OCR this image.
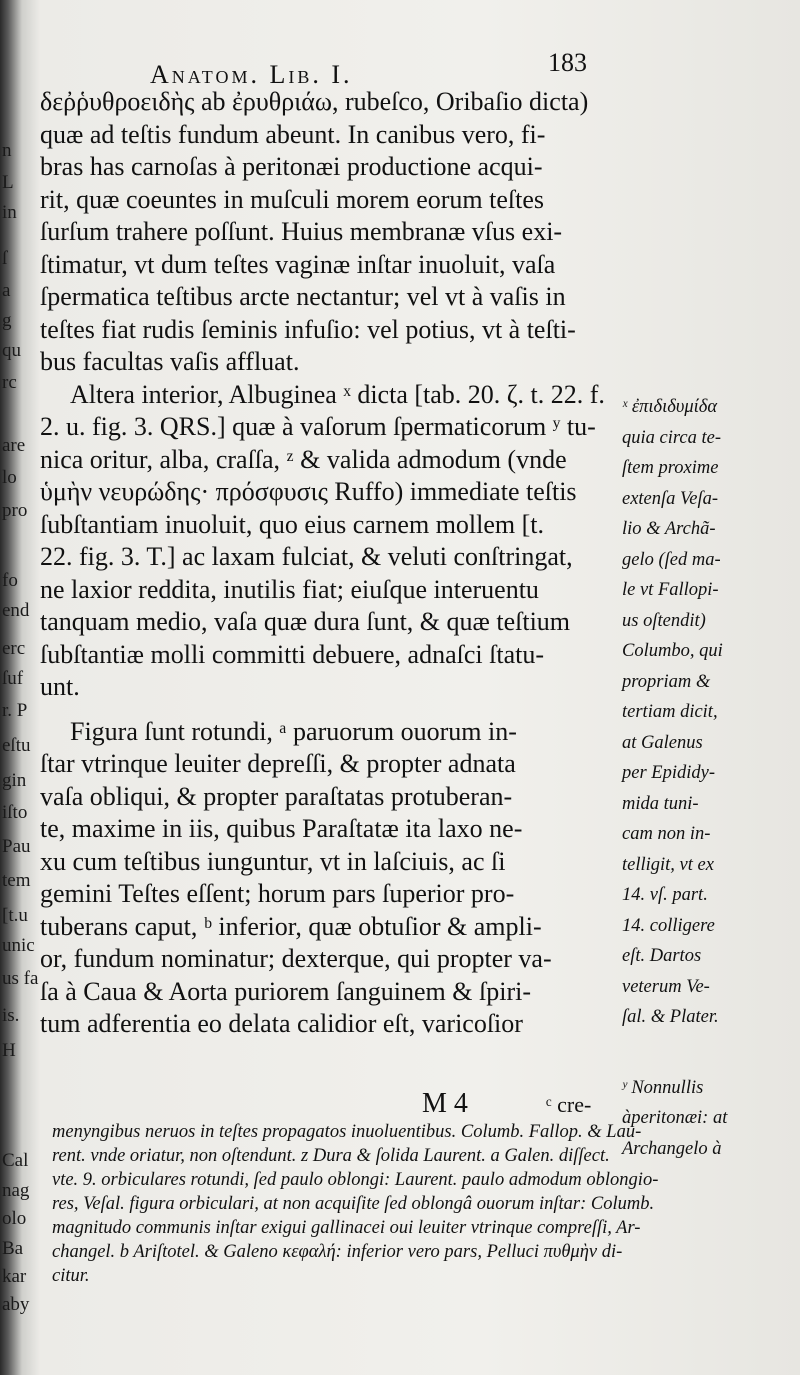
n
L
in
ſ
a
g
qu
rc
are
lo
pro
fo
end
erc
ſuf
r. P
eſtu
gin
iſto
Pau
tem
[t.u
unic
us fa
is.
H
Cal
nag
olo
Ba
kar
aby
Anatom. Lib. I.	183
δεῤῥυθροειδὴς ab ἐρυθριάω, rubeſco, Oribaſio dicta)
quæ ad teſtis fundum abeunt. In canibus vero, fi-
bras has carnoſas à peritonæi productione acqui-
rit, quæ coeuntes in muſculi morem eorum teſtes
ſurſum trahere poſſunt. Huius membranæ vſus exi-
ſtimatur, vt dum teſtes vaginæ inſtar inuoluit, vaſa
ſpermatica teſtibus arcte nectantur; vel vt à vaſis in
teſtes fiat rudis ſeminis infuſio: vel potius, vt à teſti-
bus facultas vaſis affluat.
Altera interior, Albuginea ˣ dicta [tab. 20. ζ. t. 22. f.
2. u. fig. 3. QRS.] quæ à vaſorum ſpermaticorum ʸ tu-
nica oritur, alba, craſſa, ᶻ & valida admodum (vnde
ὑμὴν νευρώδης· πρόσφυσις Ruffo) immediate teſtis
ſubſtantiam inuoluit, quo eius carnem mollem [t.
22. fig. 3. T.] ac laxam fulciat, & veluti conſtringat,
ne laxior reddita, inutilis fiat; eiuſque interuentu
tanquam medio, vaſa quæ dura ſunt, & quæ teſtium
ſubſtantiæ molli committi debuere, adnaſci ſtatu-
unt.
Figura ſunt rotundi, ᵃ paruorum ouorum in-
ſtar vtrinque leuiter depreſſi, & propter adnata
vaſa obliqui, & propter paraſtatas protuberan-
te, maxime in iis, quibus Paraſtatæ ita laxo ne-
xu cum teſtibus iunguntur, vt in laſciuis, ac ſi
gemini Teſtes eſſent; horum pars ſuperior pro-
tuberans caput, ᵇ inferior, quæ obtuſior & ampli-
or, fundum nominatur; dexterque, qui propter va-
ſa à Caua & Aorta puriorem ſanguinem & ſpiri-
tum adferentia eo delata calidior eſt, varicoſior
ˣ ἐπιδιδυμίδα
quia circa te-
ſtem proxime
extenſa Veſa-
lio & Archã-
gelo (ſed ma-
le vt Fallopi-
us oſtendit)
Columbo, qui
propriam &
tertiam dicit,
at Galenus
per Epididy-
mida tuni-
cam non in-
telligit, vt ex
14. vſ. part.
14. colligere
eſt. Dartos
veterum Ve-
ſal. & Plater.
ʸ Nonnullis
àperitonæi: at
Archangelo à
M 4	ᶜ cre-
menyngibus neruos in teſtes propagatos inuoluentibus. Columb. Fallop. & Lau-
rent. vnde oriatur, non oſtendunt. z Dura & ſolida Laurent. a Galen. diſſect.
vte. 9. orbiculares rotundi, ſed paulo oblongi: Laurent. paulo admodum oblongio-
res, Veſal. figura orbiculari, at non acquiſite ſed oblongâ ouorum inſtar: Columb.
magnitudo communis inſtar exigui gallinacei oui leuiter vtrinque compreſſi, Ar-
changel. b Ariſtotel. & Galeno κεφαλή: inferior vero pars, Pelluci πυθμὴν di-
citur.
